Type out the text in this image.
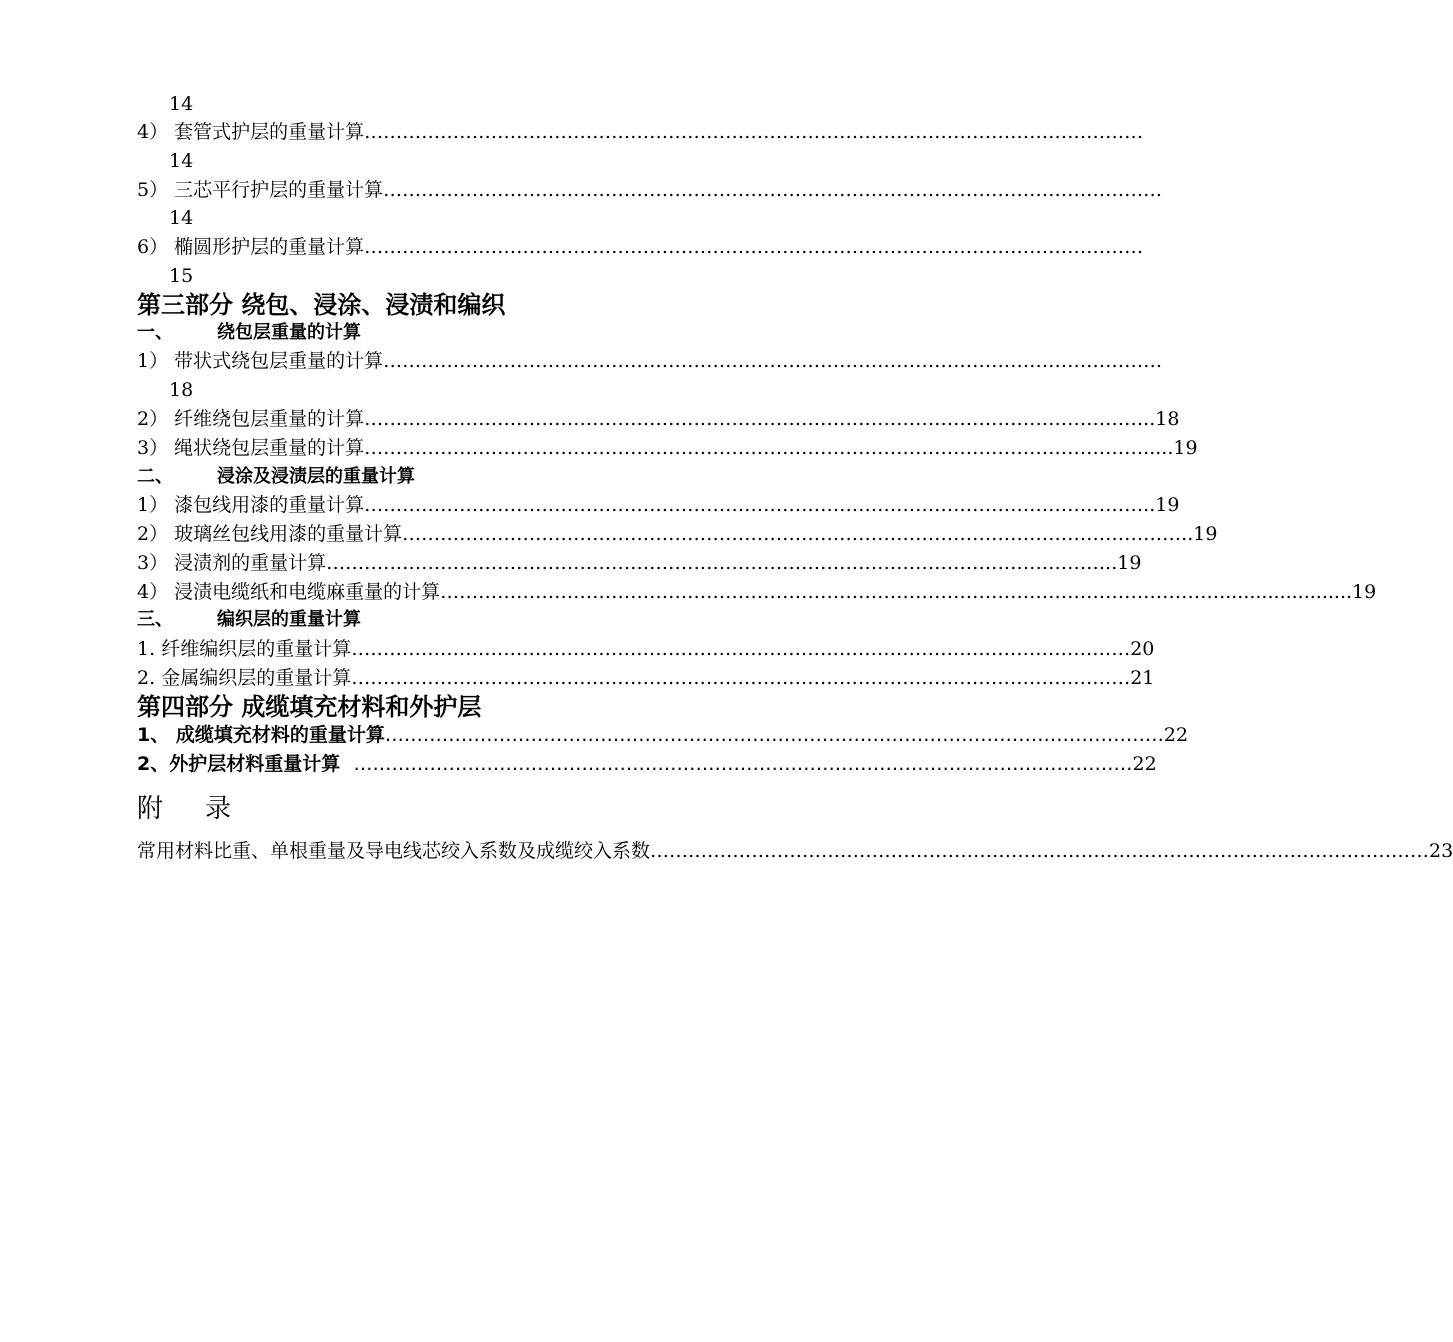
14
4） 套管式护层的重量计算 ……………………………………………………………………………………………………………
14
5） 三芯平行护层的重量计算 ……………………………………………………………………………………………………………
14
6） 椭圆形护层的重量计算 ……………………………………………………………………………………………………………
15
第三部分 绕包、浸涂、浸渍和编织
一、 绕包层重量的计算
1） 带状式绕包层重量的计算 ……………………………………………………………………………………………………………
18
2） 纤维绕包层重量的计算 …………………………………………………………………………………………………………… ..18
3） 绳状绕包层重量的计算 …………………………………………………………………………………………………………… .....19
二、 浸涂及浸渍层的重量计算
1） 漆包线用漆的重量计算 …………………………………………………………………………………………………………… ..19
2） 玻璃丝包线用漆的重量计算 …………………………………………………………………………………………………………… ..19
3） 浸渍剂的重量计算 …………………………………………………………………………………………………………… ..19
4） 浸渍电缆纸和电缆麻重量的计算 …………………………………………………………………………………………………………… ......................19
三、 编织层的重量计算
1. 纤维编织层的重量计算 …………………………………………………………………………………………………………… 20
2. 金属编织层的重量计算 …………………………………………………………………………………………………………… 21
第四部分 成缆填充材料和外护层
1、 成缆填充材料的重量计算 …………………………………………………………………………………………………………… 22
2、外护层材料重量计算 …………………………………………………………………………………………………………… 22
附 录
常用材料比重、单根重量及导电线芯绞入系数及成缆绞入系数 …………………………………………………………………………………………………………… 23
